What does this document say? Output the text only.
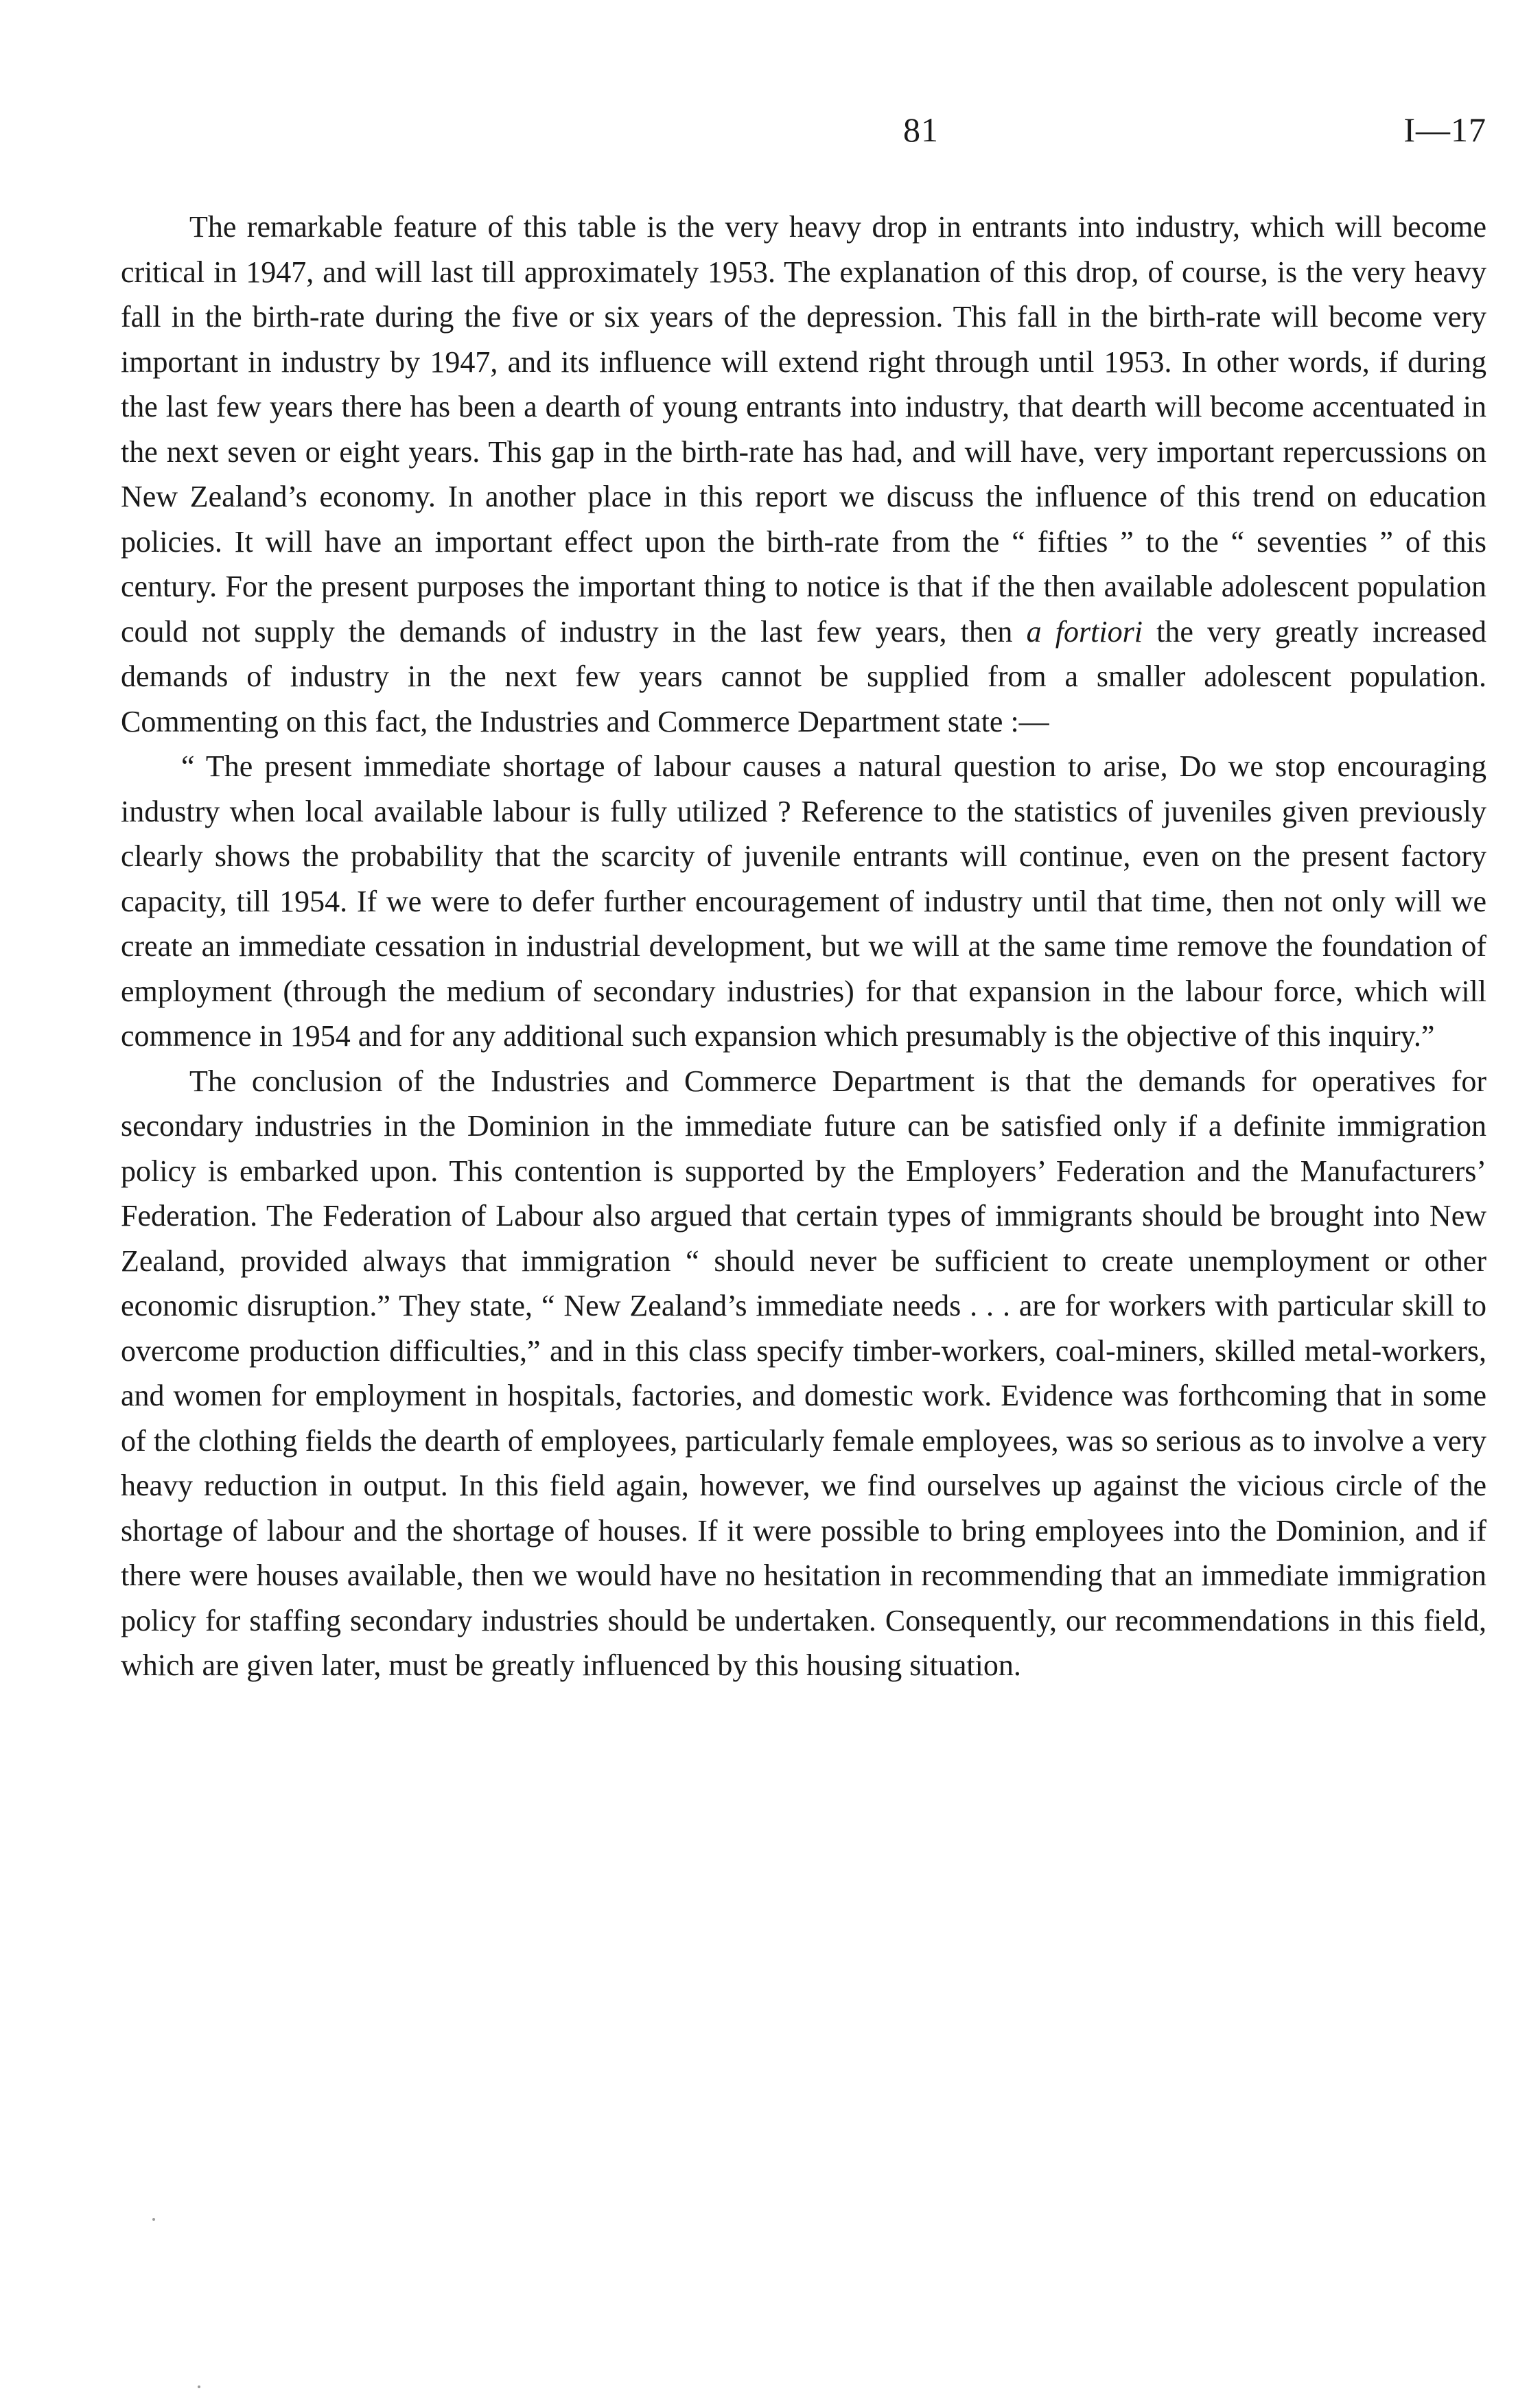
81	I—17

The remarkable feature of this table is the very heavy drop in entrants into industry, which will become critical in 1947, and will last till approximately 1953. The explanation of this drop, of course, is the very heavy fall in the birth-rate during the five or six years of the depression. This fall in the birth-rate will become very important in industry by 1947, and its influence will extend right through until 1953. In other words, if during the last few years there has been a dearth of young entrants into industry, that dearth will become accentuated in the next seven or eight years. This gap in the birth-rate has had, and will have, very important repercussions on New Zealand’s economy. In another place in this report we discuss the influence of this trend on education policies. It will have an important effect upon the birth-rate from the “ fifties ” to the “ seventies ” of this century. For the present purposes the important thing to notice is that if the then available adolescent population could not supply the demands of industry in the last few years, then a fortiori the very greatly increased demands of industry in the next few years cannot be supplied from a smaller adolescent population. Commenting on this fact, the Industries and Commerce Department state :—

“ The present immediate shortage of labour causes a natural question to arise, Do we stop encouraging industry when local available labour is fully utilized ? Reference to the statistics of juveniles given previously clearly shows the probability that the scarcity of juvenile entrants will continue, even on the present factory capacity, till 1954. If we were to defer further encouragement of industry until that time, then not only will we create an immediate cessation in industrial development, but we will at the same time remove the foundation of employment (through the medium of secondary industries) for that expansion in the labour force, which will commence in 1954 and for any additional such expansion which presumably is the objective of this inquiry.”

The conclusion of the Industries and Commerce Department is that the demands for operatives for secondary industries in the Dominion in the immediate future can be satisfied only if a definite immigration policy is embarked upon. This contention is supported by the Employers’ Federation and the Manufacturers’ Federation. The Federation of Labour also argued that certain types of immigrants should be brought into New Zealand, provided always that immigration “ should never be sufficient to create unemployment or other economic disruption.” They state, “ New Zealand’s immediate needs . . . are for workers with particular skill to overcome production difficulties,” and in this class specify timber-workers, coal-miners, skilled metal-workers, and women for employment in hospitals, factories, and domestic work. Evidence was forthcoming that in some of the clothing fields the dearth of employees, particularly female employees, was so serious as to involve a very heavy reduction in output. In this field again, however, we find ourselves up against the vicious circle of the shortage of labour and the shortage of houses. If it were possible to bring employees into the Dominion, and if there were houses available, then we would have no hesitation in recommending that an immediate immigration policy for staffing secondary industries should be undertaken. Consequently, our recommendations in this field, which are given later, must be greatly influenced by this housing situation.
